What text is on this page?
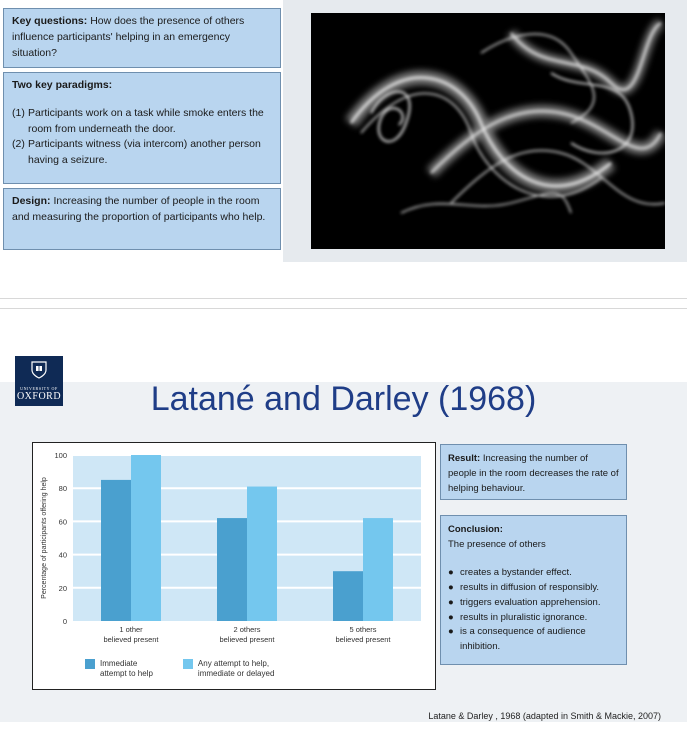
Key questions: How does the presence of others influence participants' helping in an emergency situation?
Two key paradigms:
(1) Participants work on a task while smoke enters the room from underneath the door.
(2) Participants witness (via intercom) another person having a seizure.
Design: Increasing the number of people in the room and measuring the proportion of participants who help.
UNIVERSITY OF
OXFORD	Latané and Darley (1968)
0
20
40
60
80
100
1 other
believed present
2 others
believed present
5 others
believed present
Percentage of participants offering help
Immediate
attempt to help
Any attempt to help,
immediate or delayed
Result: Increasing the number of people in the room decreases the rate of helping behaviour.
Conclusion:
The presence of others
● creates a bystander effect.
● results in diffusion of responsibly.
● triggers evaluation apprehension.
● results in pluralistic ignorance.
● is a consequence of audience inhibition.
Latane & Darley , 1968 (adapted in Smith & Mackie, 2007)
